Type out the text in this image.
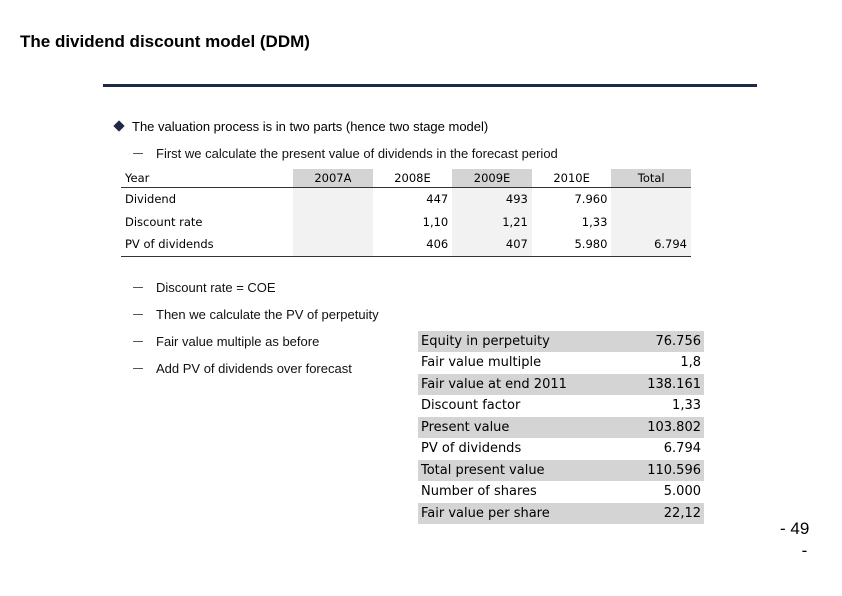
The dividend discount model (DDM)
The valuation process is in two parts (hence two stage model)
First we calculate the present value of dividends in the forecast period
Year	2007A	2008E	2009E	2010E	Total
Dividend		447	493	7.960	
Discount rate		1,10	1,21	1,33	
PV of dividends		406	407	5.980	6.794
Discount rate = COE
Then we calculate the PV of perpetuity
Fair value multiple as before
Add PV of dividends over forecast
Equity in perpetuity	76.756
Fair value multiple	1,8
Fair value at end 2011	138.161
Discount factor	1,33
Present value	103.802
PV of dividends	6.794
Total present value	110.596
Number of shares	5.000
Fair value per share	22,12
- 49
-
